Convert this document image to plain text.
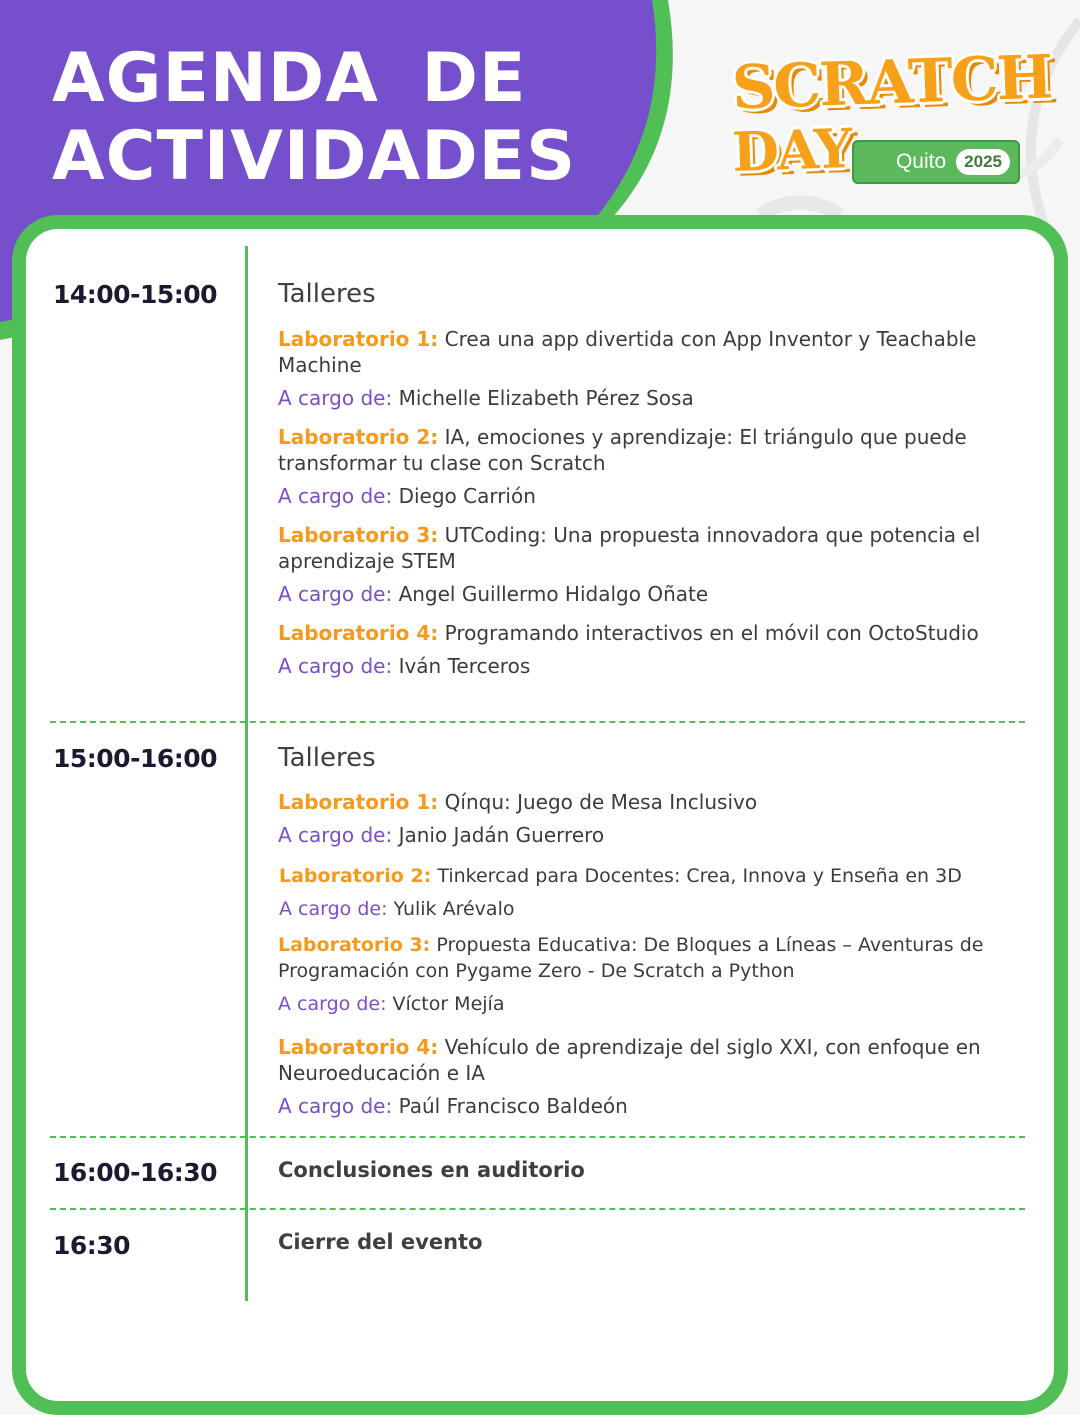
AGENDA DE
ACTIVIDADES
SCRATCH
DAY Quito	2025
14:00-15:00 Talleres
Laboratorio 1: Crea una app divertida con App Inventor y Teachable Machine
A cargo de: Michelle Elizabeth Pérez Sosa
Laboratorio 2: IA, emociones y aprendizaje: El triángulo que puede transformar tu clase con Scratch
A cargo de: Diego Carrión
Laboratorio 3: UTCoding: Una propuesta innovadora que potencia el aprendizaje STEM
A cargo de: Angel Guillermo Hidalgo Oñate
Laboratorio 4: Programando interactivos en el móvil con OctoStudio
A cargo de: Iván Terceros
15:00-16:00 Talleres
Laboratorio 1: Qínqu: Juego de Mesa Inclusivo
A cargo de: Janio Jadán Guerrero
Laboratorio 2: Tinkercad para Docentes: Crea, Innova y Enseña en 3D
A cargo de: Yulik Arévalo
Laboratorio 3: Propuesta Educativa: De Bloques a Líneas – Aventuras de Programación con Pygame Zero - De Scratch a Python
A cargo de: Víctor Mejía
Laboratorio 4: Vehículo de aprendizaje del siglo XXI, con enfoque en Neuroeducación e IA
A cargo de: Paúl Francisco Baldeón
16:00-16:30	Conclusiones en auditorio
16:30	Cierre del evento
